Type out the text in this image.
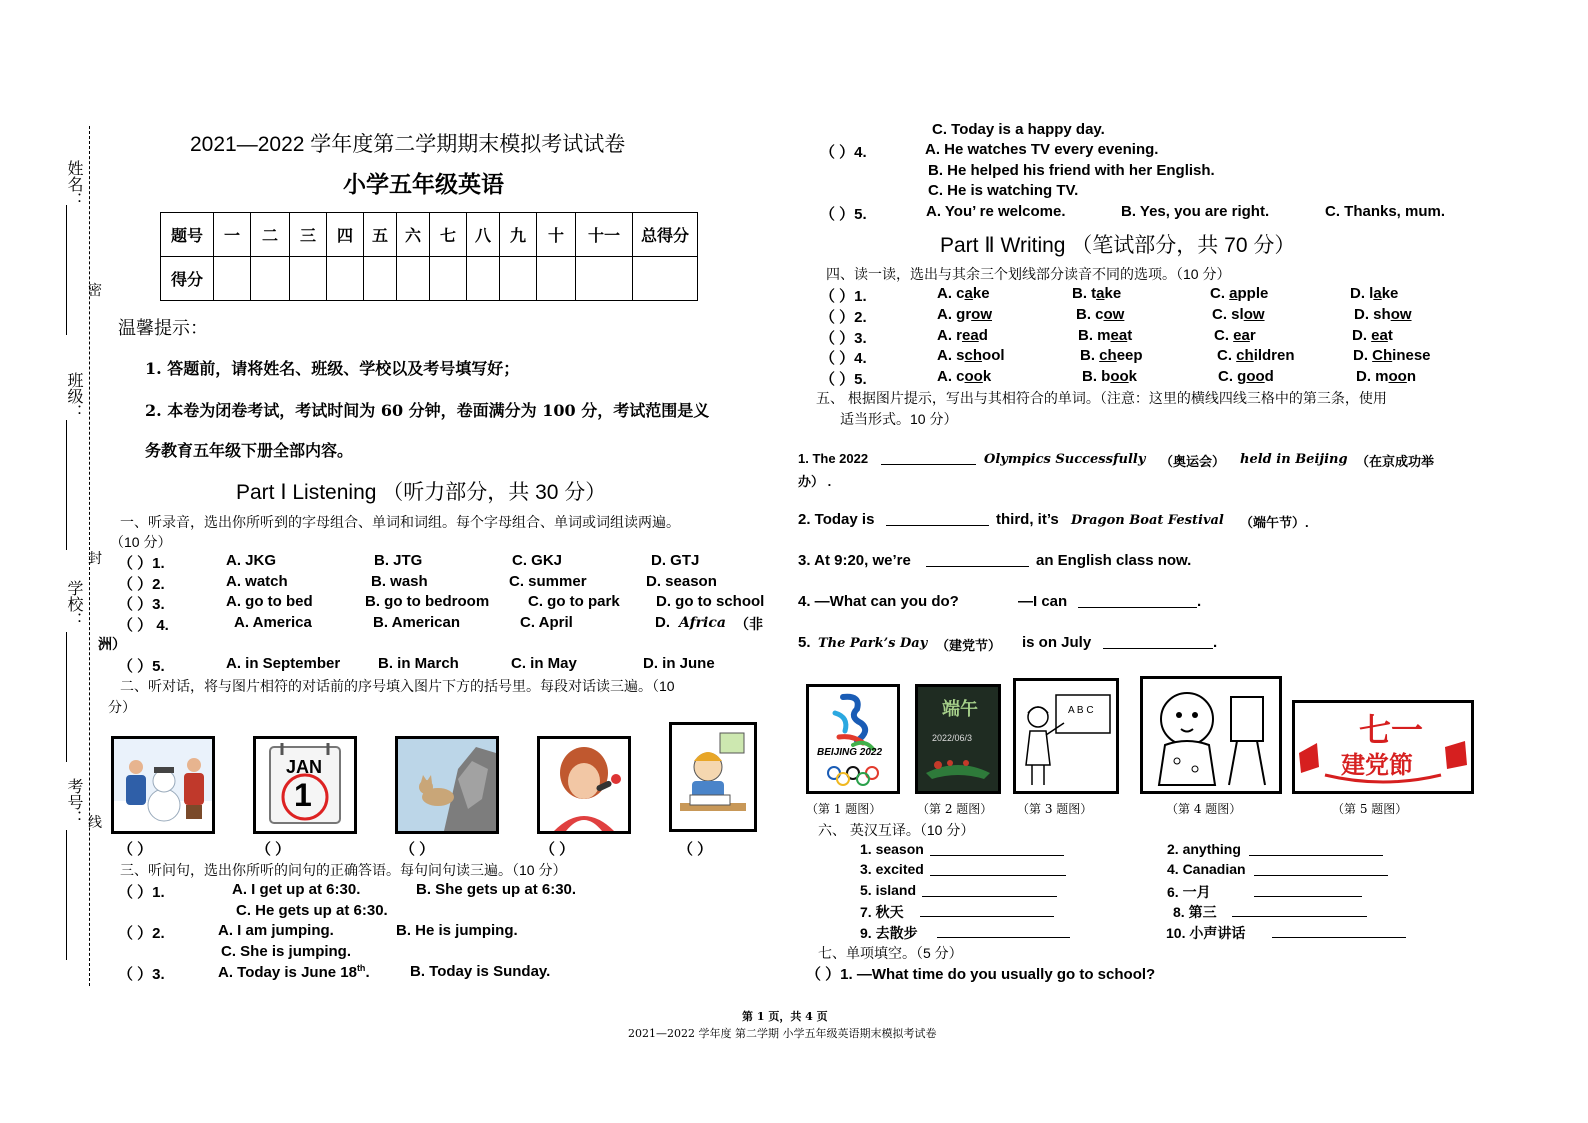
姓名：
密
班级：
封
学校：
考号： 线
2021—2022 学年度第二学期期末模拟考试试卷
小学五年级英语
题号	一	二	三	四	五	六	七	八	九	十	十一	总得分
得分												
温馨提示：
1. 答题前，请将姓名、班级、学校以及考号填写好；
2. 本卷为闭卷考试，考试时间为 60 分钟，卷面满分为 100 分，考试范围是义
务教育五年级下册全部内容。
Part Ⅰ Listening （听力部分，共 30 分）
一、听录音，选出你所听到的字母组合、单词和词组。每个字母组合、单词或词组读两遍。
（10 分）
（ ）1.	A. JKG	B. JTG	C. GKJ	D. GTJ
（ ）2.	A. watch	B. wash	C. summer	D. season
（ ）3.	A. go to bed	B. go to bedroom	C. go to park D. go to school
（ ） 4.	A. America	B. American	C. April	D. Africa （非
洲）
（ ）5.	A. in September	B. in March	C. in May	D. in June
二、听对话，将与图片相符的对话前的序号填入图片下方的括号里。每段对话读三遍。（10
分）
JAN
1
（ ）	（ ）	（ ）	（ ）	（ ）
三、听问句，选出你所听的问句的正确答语。每句问句读三遍。（10 分）
（ ）1.	A. I get up at 6:30.	B. She gets up at 6:30.
C. He gets up at 6:30.
（ ）2.	A. I am jumping.	B. He is jumping.
C. She is jumping.
（ ）3.	A. Today is June 18th.	B. Today is Sunday.
C. Today is a happy day.
（ ）4.	A. He watches TV every evening.
B. He helped his friend with her English.
C. He is watching TV.
（ ）5.	A. You’ re welcome.	B. Yes, you are right.	C. Thanks, mum.
Part Ⅱ Writing （笔试部分，共 70 分）
四、读一读，选出与其余三个划线部分读音不同的选项。（10 分）
（ ）1.	A. cake	B. take	C. apple	D. lake
（ ）2.	A. grow	B. cow	C. slow	D. show
（ ）3.	A. read	B. meat	C. ear	D. eat
（ ）4.	A. school	B. cheep	C. children	D. Chinese
（ ）5.	A. cook	B. book	C. good	D. moon
五、 根据图片提示，写出与其相符合的单词。（注意：这里的横线四线三格中的第三条，使用
适当形式。10 分）
1. The 2022	Olympics Successfully （奥运会） held in Beijing （在京成功举
办） .
2. Today is	third, it’s Dragon Boat Festival （端午节）.
3. At 9:20, we’re	an English class now.
4. —What can you do?	—I can	.
5. The Park’s Day （建党节） is on July	.
BEIJING 2022
端午
2022/06/3
A B C
七一
建党節
（第 1 题图）	（第 2 题图） （第 3 题图）	（第 4 题图）	（第 5 题图）
六、 英汉互译。（10 分）
1. season	2. anything
3. excited	4. Canadian
5. island	6. 一月
7. 秋天	8. 第三
9. 去散步	10. 小声讲话
七、单项填空。（5 分）
（ ）1. —What time do you usually go to school?
第 1 页，共 4 页
2021—2022 学年度 第二学期 小学五年级英语期末模拟考试卷
